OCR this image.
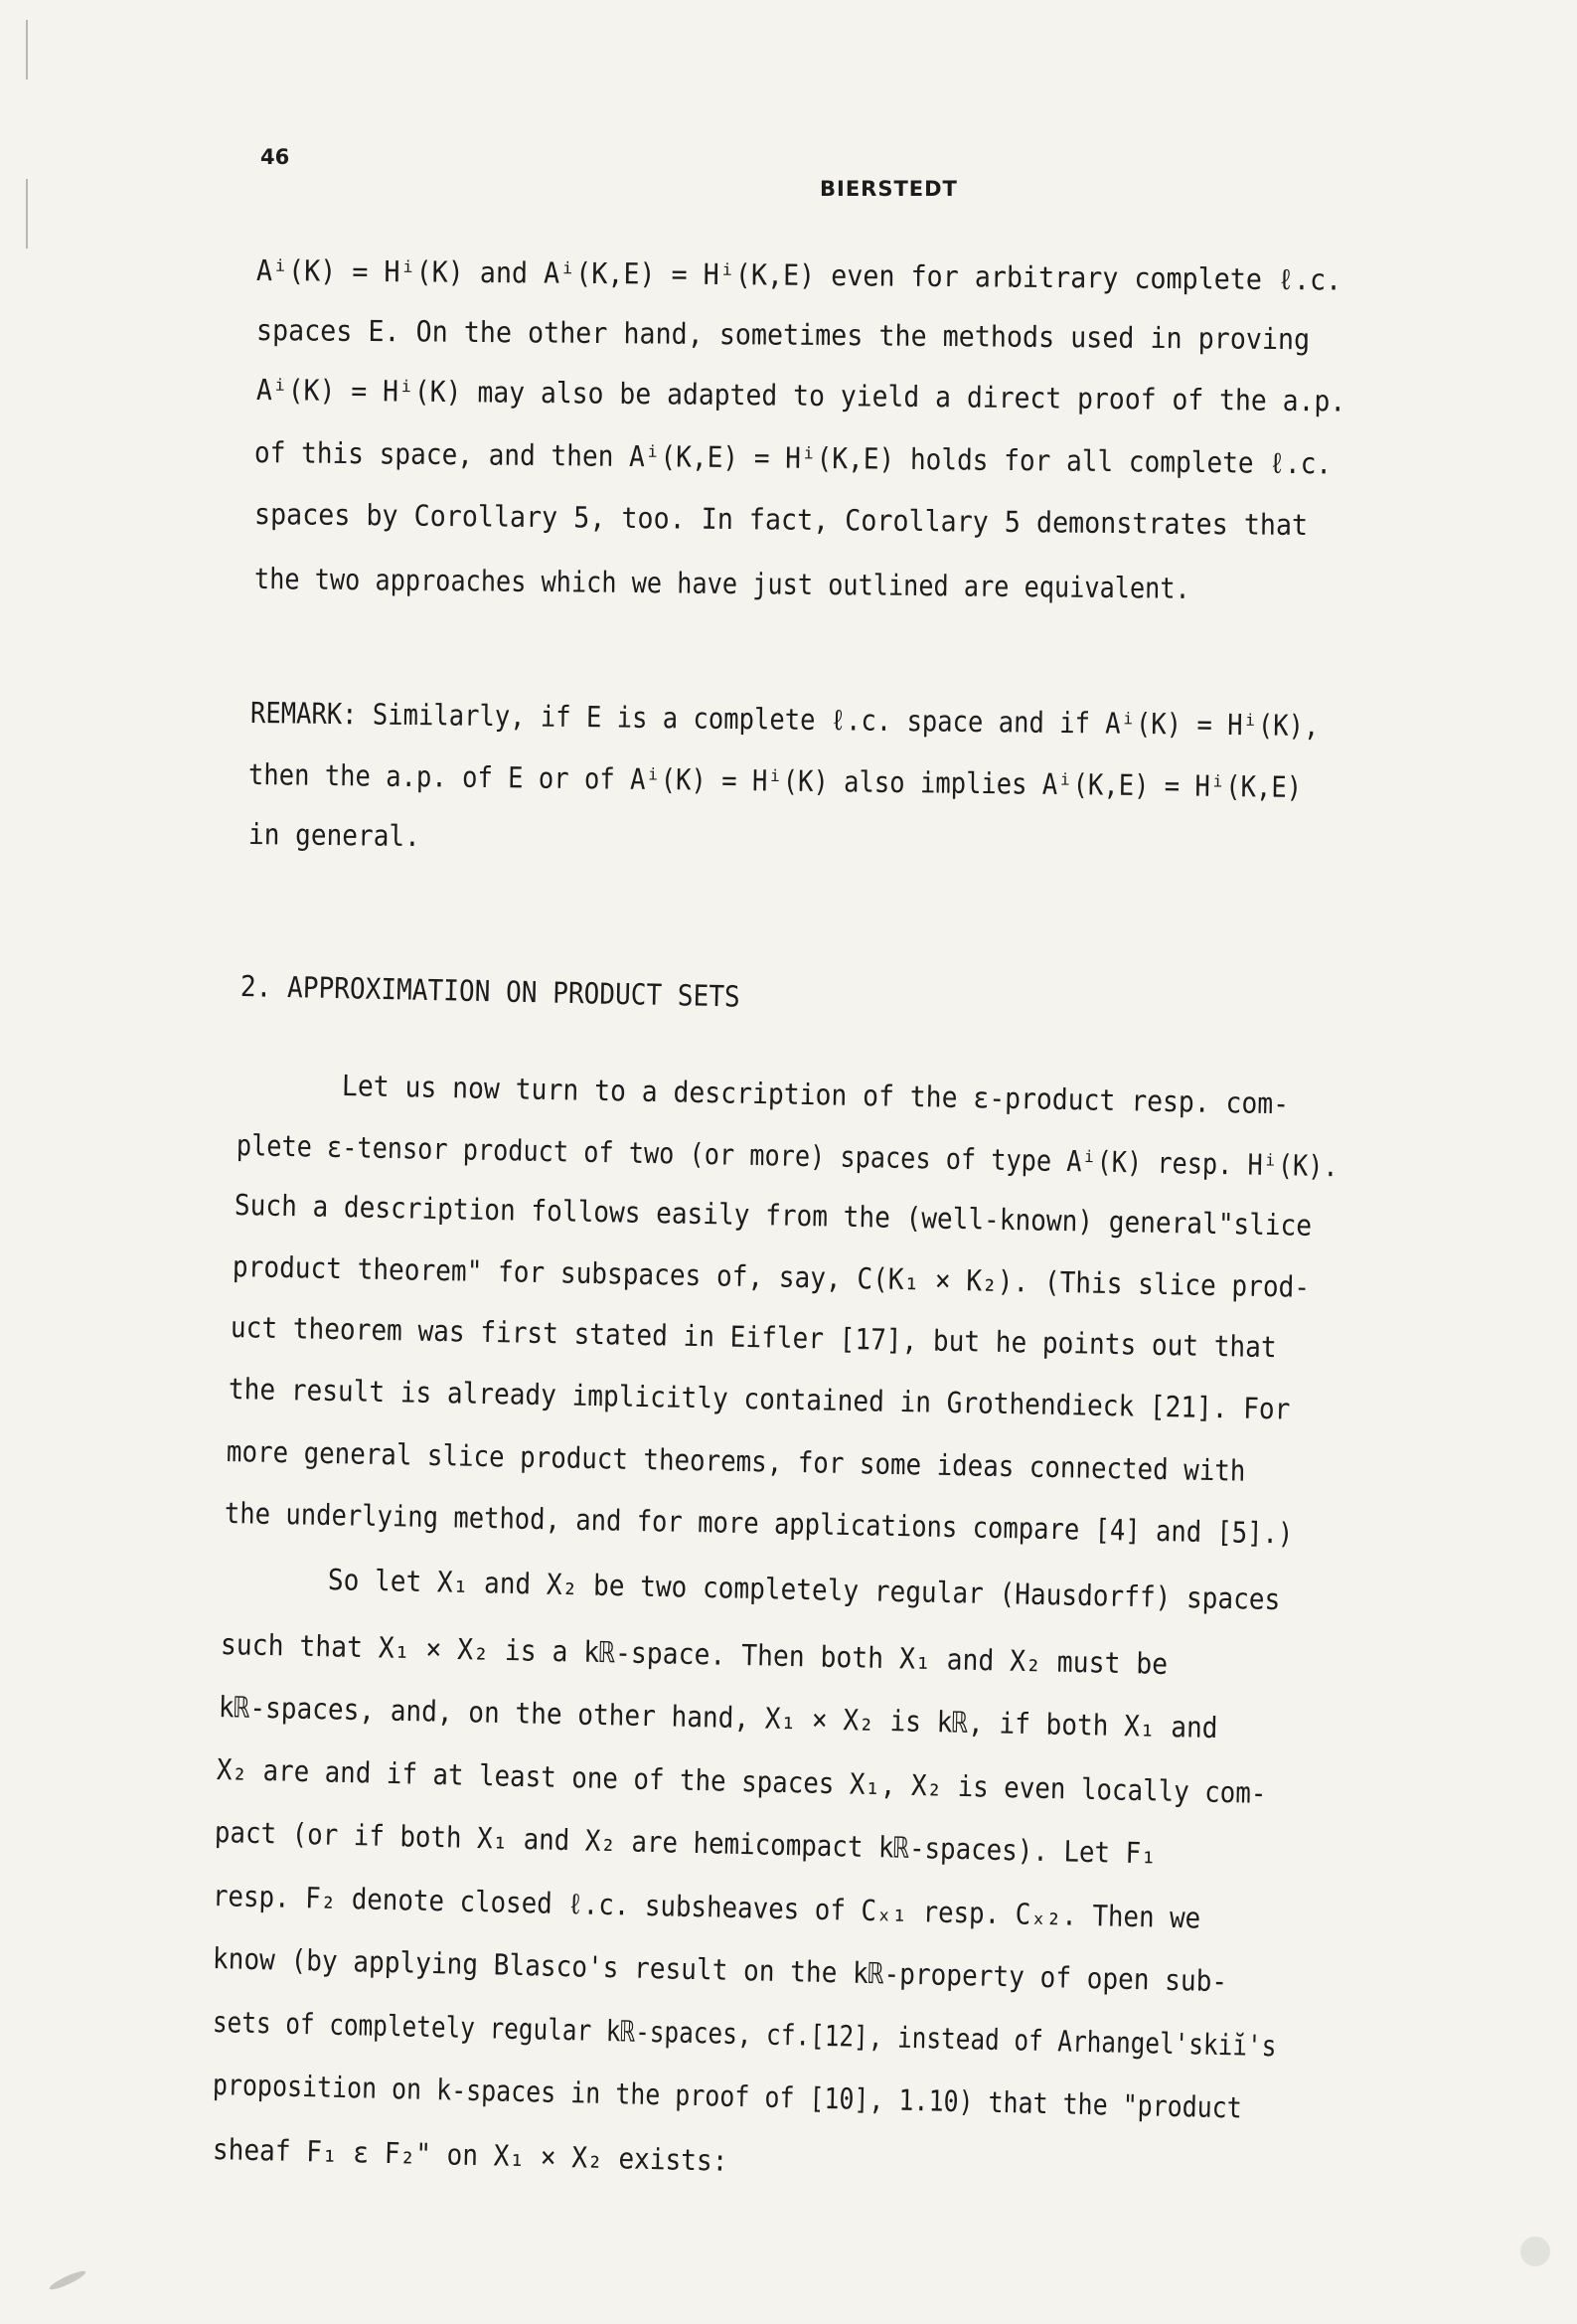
46
BIERSTEDT
Aⁱ(K) = Hⁱ(K) and Aⁱ(K,E) = Hⁱ(K,E) even for arbitrary complete ℓ.c.
spaces E. On the other hand, sometimes the methods used in proving
Aⁱ(K) = Hⁱ(K) may also be adapted to yield a direct proof of the a.p.
of this space, and then Aⁱ(K,E) = Hⁱ(K,E) holds for all complete ℓ.c.
spaces by Corollary 5, too. In fact, Corollary 5 demonstrates that
the two approaches which we have just outlined are equivalent.
REMARK: Similarly, if E is a complete ℓ.c. space and if Aⁱ(K) = Hⁱ(K),
then the a.p. of E or of Aⁱ(K) = Hⁱ(K) also implies Aⁱ(K,E) = Hⁱ(K,E)
in general.
2. APPROXIMATION ON PRODUCT SETS
Let us now turn to a description of the ε-product resp. com-
plete ε-tensor product of two (or more) spaces of type Aⁱ(K) resp. Hⁱ(K).
Such a description follows easily from the (well-known) general"slice
product theorem" for subspaces of, say, C(K₁ × K₂). (This slice prod-
uct theorem was first stated in Eifler [17], but he points out that
the result is already implicitly contained in Grothendieck [21]. For
more general slice product theorems, for some ideas connected with
the underlying method, and for more applications compare [4] and [5].)
So let X₁ and X₂ be two completely regular (Hausdorff) spaces
such that X₁ × X₂ is a kℝ-space. Then both X₁ and X₂ must be
kℝ-spaces, and, on the other hand, X₁ × X₂ is kℝ, if both X₁ and
X₂ are and if at least one of the spaces X₁, X₂ is even locally com-
pact (or if both X₁ and X₂ are hemicompact kℝ-spaces). Let F₁
resp. F₂ denote closed ℓ.c. subsheaves of Cₓ₁ resp. Cₓ₂. Then we
know (by applying Blasco's result on the kℝ-property of open sub-
sets of completely regular kℝ-spaces, cf.[12], instead of Arhangel'skiĭ's
proposition on k-spaces in the proof of [10], 1.10) that the "product
sheaf F₁ ε F₂" on X₁ × X₂ exists:
